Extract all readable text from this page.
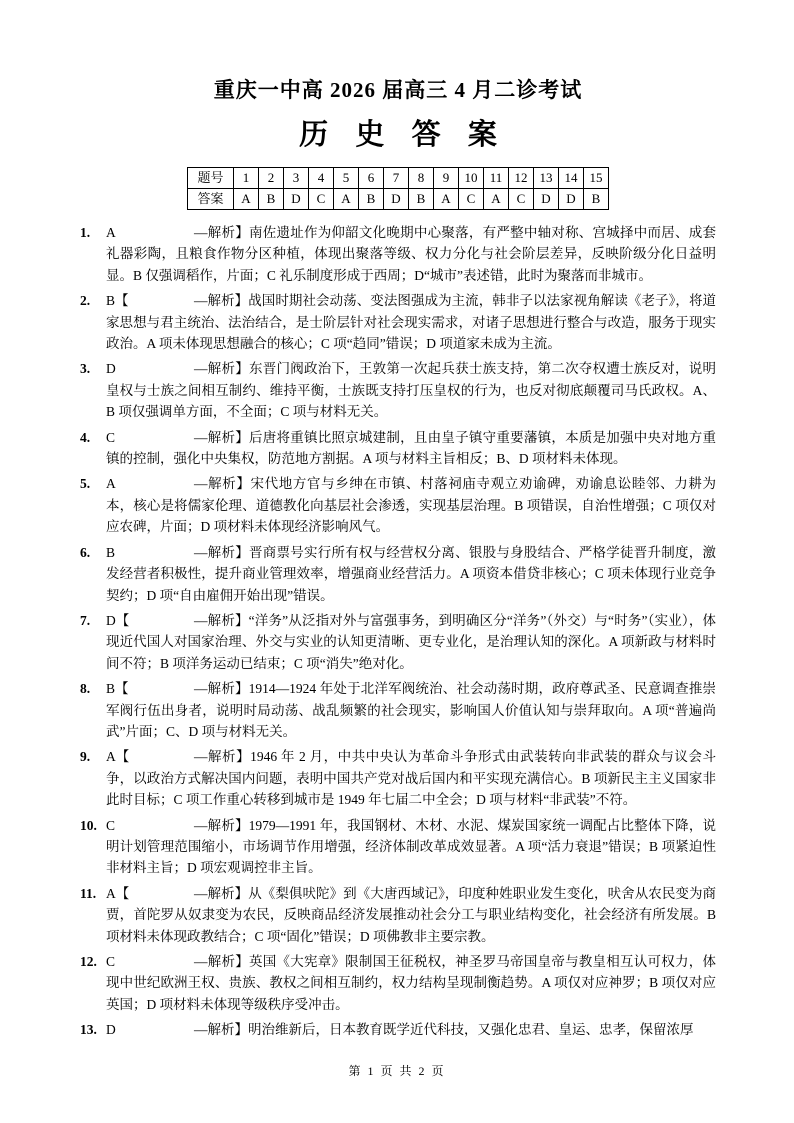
重庆一中高 2026 届高三 4 月二诊考试
历 史 答 案
题号	1	2	3	4	5	6	7	8	9	10 11 12 13 14 15
答案	A	B	D	C	A	B	D	B	A	C	A	C	D	D	B
1. A	—解析】南佐遗址作为仰韶文化晚期中心聚落，有严整中轴对称、宫城择中而居、成套礼器彩陶，且粮食作物分区种植，体现出聚落等级、权力分化与社会阶层差异，反映阶级分化日益明显。B 仅强调稻作，片面；C 礼乐制度形成于西周；D“城市”表述错，此时为聚落而非城市。
2. B【	—解析】战国时期社会动荡、变法图强成为主流，韩非子以法家视角解读《老子》，将道家思想与君主统治、法治结合，是士阶层针对社会现实需求，对诸子思想进行整合与改造，服务于现实政治。A 项未体现思想融合的核心；C 项“趋同”错误；D 项道家未成为主流。
3. D	—解析】东晋门阀政治下，王敦第一次起兵获士族支持，第二次夺权遭士族反对，说明皇权与士族之间相互制约、维持平衡，士族既支持打压皇权的行为，也反对彻底颠覆司马氏政权。A、B 项仅强调单方面，不全面；C 项与材料无关。
4. C	—解析】后唐将重镇比照京城建制，且由皇子镇守重要藩镇，本质是加强中央对地方重镇的控制，强化中央集权，防范地方割据。A 项与材料主旨相反；B、D 项材料未体现。
5. A	—解析】宋代地方官与乡绅在市镇、村落祠庙寺观立劝谕碑，劝谕息讼睦邻、力耕为本，核心是将儒家伦理、道德教化向基层社会渗透，实现基层治理。B 项错误，自治性增强；C 项仅对应农碑，片面；D 项材料未体现经济影响风气。
6. B	—解析】晋商票号实行所有权与经营权分离、银股与身股结合、严格学徒晋升制度，激发经营者积极性，提升商业管理效率，增强商业经营活力。A 项资本借贷非核心；C 项未体现行业竞争契约；D 项“自由雇佣开始出现”错误。
7. D【	—解析】“洋务”从泛指对外与富强事务，到明确区分“洋务”（外交）与“时务”（实业），体现近代国人对国家治理、外交与实业的认知更清晰、更专业化，是治理认知的深化。A 项新政与材料时间不符；B 项洋务运动已结束；C 项“消失”绝对化。
8. B【	—解析】1914—1924 年处于北洋军阀统治、社会动荡时期，政府尊武圣、民意调查推崇军阀行伍出身者，说明时局动荡、战乱频繁的社会现实，影响国人价值认知与崇拜取向。A 项“普遍尚武”片面；C、D 项与材料无关。
9. A【	—解析】1946 年 2 月，中共中央认为革命斗争形式由武装转向非武装的群众与议会斗争，以政治方式解决国内问题，表明中国共产党对战后国内和平实现充满信心。B 项新民主主义国家非此时目标；C 项工作重心转移到城市是 1949 年七届二中全会；D 项与材料“非武装”不符。
10. C	—解析】1979—1991 年，我国钢材、木材、水泥、煤炭国家统一调配占比整体下降，说明计划管理范围缩小，市场调节作用增强，经济体制改革成效显著。A 项“活力衰退”错误；B 项紧迫性非材料主旨；D 项宏观调控非主旨。
11. A【	—解析】从《梨俱吠陀》到《大唐西域记》，印度种姓职业发生变化，吠舍从农民变为商贾，首陀罗从奴隶变为农民，反映商品经济发展推动社会分工与职业结构变化，社会经济有所发展。B 项材料未体现政教结合；C 项“固化”错误；D 项佛教非主要宗教。
12. C	—解析】英国《大宪章》限制国王征税权，神圣罗马帝国皇帝与教皇相互认可权力，体现中世纪欧洲王权、贵族、教权之间相互制约，权力结构呈现制衡趋势。A 项仅对应神罗；B 项仅对应英国；D 项材料未体现等级秩序受冲击。
13. D	—解析】明治维新后，日本教育既学近代科技，又强化忠君、皇运、忠孝，保留浓厚
第 1 页 共 2 页
